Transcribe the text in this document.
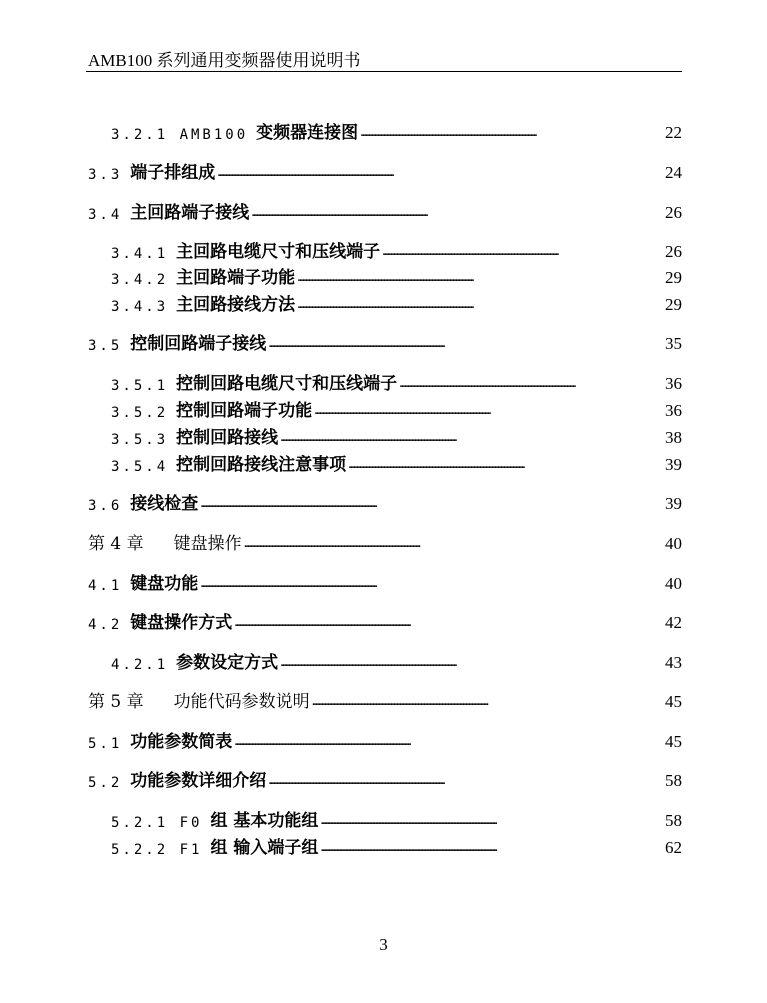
AMB100 系列通用变频器使用说明书
3.2.1 AMB100 变频器连接图 . . .	22
3.3 端子排组成 . . .	24
3.4 主回路端子接线 . . .	26
3.4.1 主回路电缆尺寸和压线端子 . . .	26
3.4.2 主回路端子功能 . . .	29
3.4.3 主回路接线方法 . . .	29
3.5 控制回路端子接线 . . .	35
3.5.1 控制回路电缆尺寸和压线端子 . . .	36
3.5.2 控制回路端子功能 . . .	36
3.5.3 控制回路接线 . . .	38
3.5.4 控制回路接线注意事项 . . .	39
3.6 接线检查 . . .	39
第 4 章 键盘操作 . . .	40
4.1 键盘功能 . . .	40
4.2 键盘操作方式 . . .	42
4.2.1 参数设定方式 . . .	43
第 5 章 功能代码参数说明 . . .	45
5.1 功能参数简表 . . .	45
5.2 功能参数详细介绍 . . .	58
5.2.1 F0 组 基本功能组 . . .	58
5.2.2 F1 组 输入端子组 . . .	62
3
